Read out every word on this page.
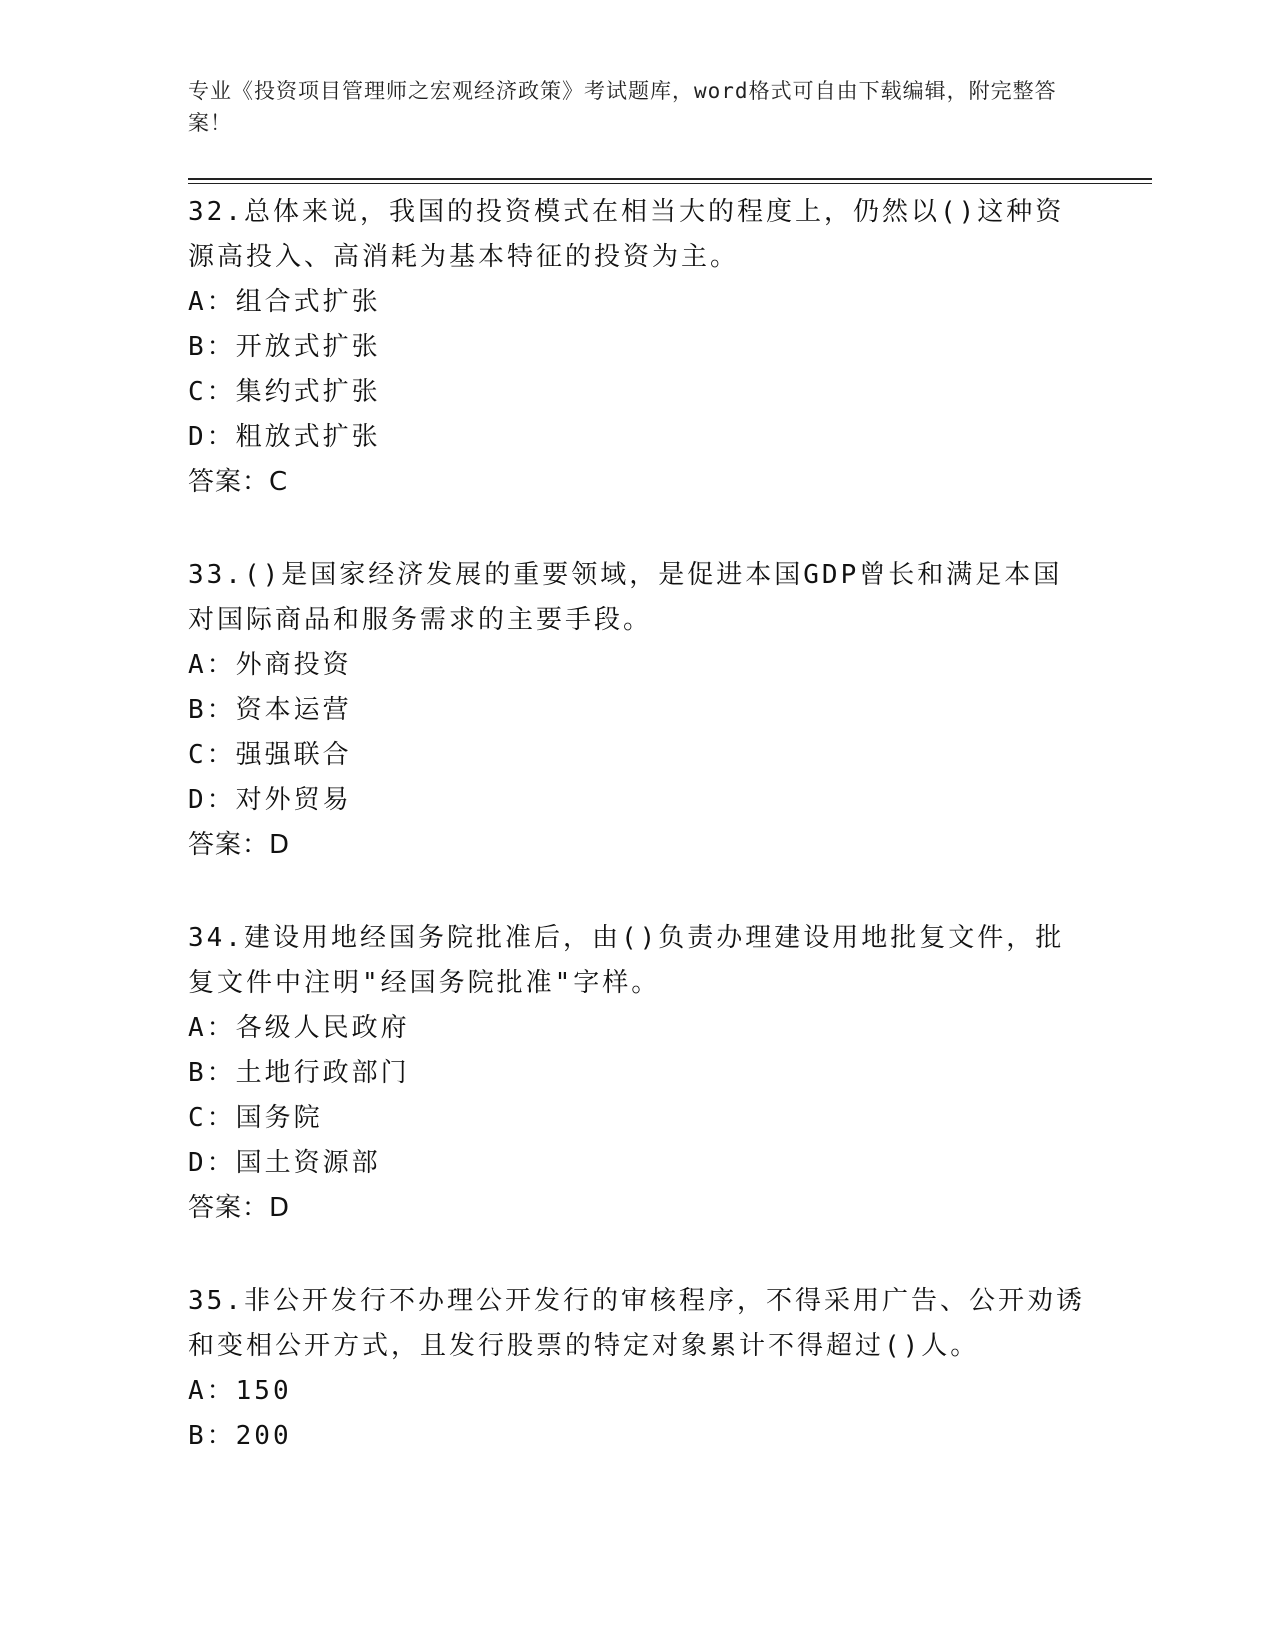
专业《投资项目管理师之宏观经济政策》考试题库，word格式可自由下载编辑，附完整答案！

32.总体来说，我国的投资模式在相当大的程度上，仍然以()这种资源高投入、高消耗为基本特征的投资为主。

A：组合式扩张

B：开放式扩张

C：集约式扩张

D：粗放式扩张

答案：C

33.()是国家经济发展的重要领域，是促进本国GDP曾长和满足本国对国际商品和服务需求的主要手段。

A：外商投资

B：资本运营

C：强强联合

D：对外贸易

答案：D

34.建设用地经国务院批准后，由()负责办理建设用地批复文件，批复文件中注明"经国务院批准"字样。

A：各级人民政府

B：土地行政部门

C：国务院

D：国土资源部

答案：D

35.非公开发行不办理公开发行的审核程序，不得采用广告、公开劝诱和变相公开方式，且发行股票的特定对象累计不得超过()人。

A：150

B：200
